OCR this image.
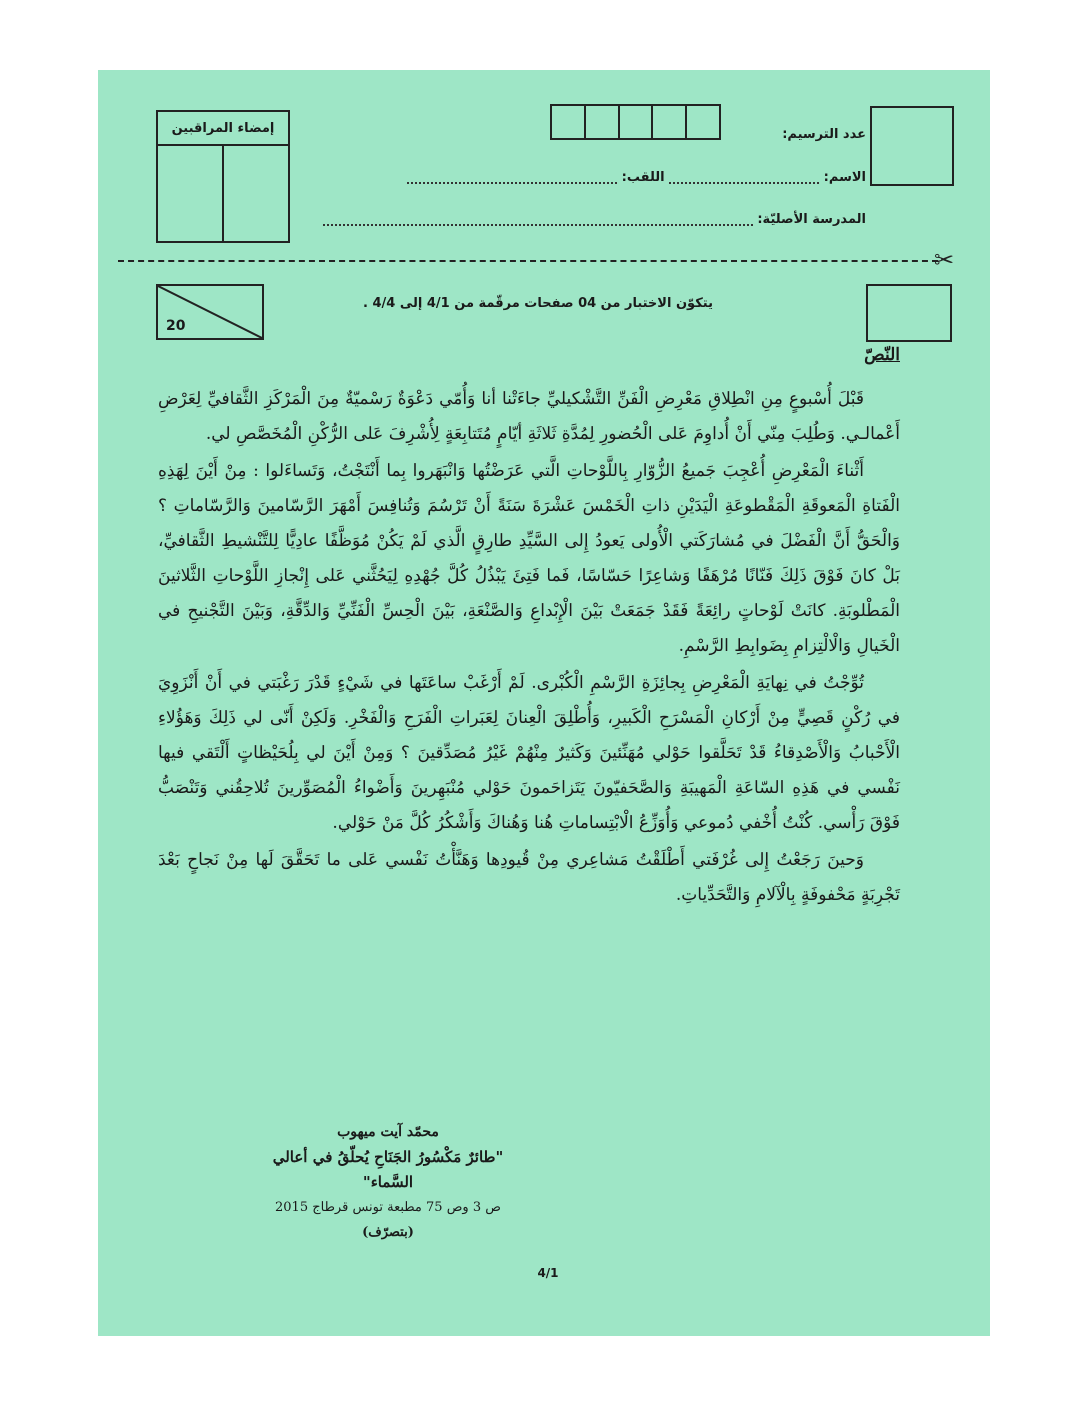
إمضاء المراقبين	عدد الترسيم:
الاسم:  اللقب:
المدرسة الأصليّة:
✂
20
يتكوّن الاختبار من 04 صفحات مرقّمة من 4/1 إلى 4/4 .
النّصّ

قَبْلَ أُسْبوعٍ مِنِ انْطِلاقِ مَعْرِضِ الْفَنِّ التَّشْكيليِّ جاءَتْنا أنا وَأُمّي دَعْوَةٌ رَسْميّةٌ مِنَ الْمَرْكَزِ الثَّقافيِّ لِعَرْضِ أَعْمالـي. وَطُلِبَ مِنّي أَنْ أُداوِمَ عَلى الْحُضورِ لِمُدَّةِ ثَلاثَةِ أيّامٍ مُتَتابِعَةٍ لِأُشْرِفَ عَلى الرُّكْنِ الْمُخَصَّصِ لي.

أَثْناءَ الْمَعْرِضِ أُعْجِبَ جَميعُ الزُّوّارِ بِاللَّوْحاتِ الَّتي عَرَضْتُها وَانْبَهَروا بِما أَنْتَجْتُ، وَتَساءَلوا : مِنْ أَيْنَ لِهَذِهِ الْفَتاةِ الْمَعوقَةِ الْمَقْطوعَةِ الْيَدَيْنِ ذاتِ الْخَمْسَ عَشْرَةَ سَنَةً أَنْ تَرْسُمَ وَتُنافِسَ أَمْهَرَ الرَّسّامينَ وَالرَّسّاماتِ ؟ وَالْحَقُّ أَنَّ الْفَضْلَ في مُشارَكَتي الْأُولى يَعودُ إِلى السَّيِّدِ طارِقٍ الَّذي لَمْ يَكُنْ مُوَظَّفًا عادِيًّا لِلتَّنْشيطِ الثَّقافيِّ، بَلْ كانَ فَوْقَ ذَلِكَ فَنّانًا مُرْهَفًا وَشاعِرًا حَسّاسًا، فَما فَتِئَ يَبْذُلُ كُلَّ جُهْدِهِ لِيَحُثَّني عَلى إِنْجازِ اللَّوْحاتِ الثَّلاثينَ الْمَطْلوبَةِ. كانَتْ لَوْحاتٍ رائِعَةً فَقَدْ جَمَعَتْ بَيْنَ الْإِبْداعِ وَالصَّنْعَةِ، بَيْنَ الْحِسِّ الْفَنِّيِّ وَالدِّقَّةِ، وَبَيْنَ التَّجْنيحِ في الْخَيالِ وَالْالْتِزامِ بِضَوابِطِ الرَّسْمِ.

تُوِّجْتُ في نِهايَةِ الْمَعْرِضِ بِجائِزَةِ الرَّسْمِ الْكُبْرى. لَمْ أَرْغَبْ ساعَتَها في شَيْءٍ قَدْرَ رَغْبَتي في أَنْ أَنْزَوِيَ في رُكْنٍ قَصِيٍّ مِنْ أَرْكانِ الْمَسْرَحِ الْكَبيرِ، وَأُطْلِقَ الْعِنانَ لِعَبَراتِ الْفَرَحِ وَالْفَخْرِ. وَلَكِنْ أَنّى لي ذَلِكَ وَهَؤُلاءِ الْأَحْبابُ وَالْأَصْدِقاءُ قَدْ تَحَلَّقوا حَوْلي مُهَنِّئينَ وَكَثيرٌ مِنْهُمْ غَيْرُ مُصَدِّقينَ ؟ وَمِنْ أَيْنَ لي بِلُحَيْظاتٍ أَلْتَقي فيها نَفْسي في هَذِهِ السّاعَةِ الْمَهيبَةِ وَالصَّحَفيّونَ يَتَزاحَمونَ حَوْلي مُنْبَهِرينَ وَأَضْواءُ الْمُصَوِّرينَ تُلاحِقُني وَتَنْصَبُّ فَوْقَ رَأْسي. كُنْتُ أُخْفي دُموعي وَأُوَزِّعُ الْابْتِساماتِ هُنا وَهُناكَ وَأَشْكُرُ كُلَّ مَنْ حَوْلي.

وَحينَ رَجَعْتُ إِلى غُرْفَتي أَطْلَقْتُ مَشاعِري مِنْ قُيودِها وَهَنَّأْتُ نَفْسي عَلى ما تَحَقَّقَ لَها مِنْ نَجاحٍ بَعْدَ تَجْرِبَةٍ مَحْفوفَةٍ بِالْآلامِ وَالتَّحَدِّياتِ.

محمّد آيت ميهوب
"طائرٌ مَكْسُورُ الجَنَاحِ يُحلّقُ في أعالي السَّماء"
ص 3 وص 75 مطبعة تونس قرطاج 2015
(بتصرّف)
4/1
